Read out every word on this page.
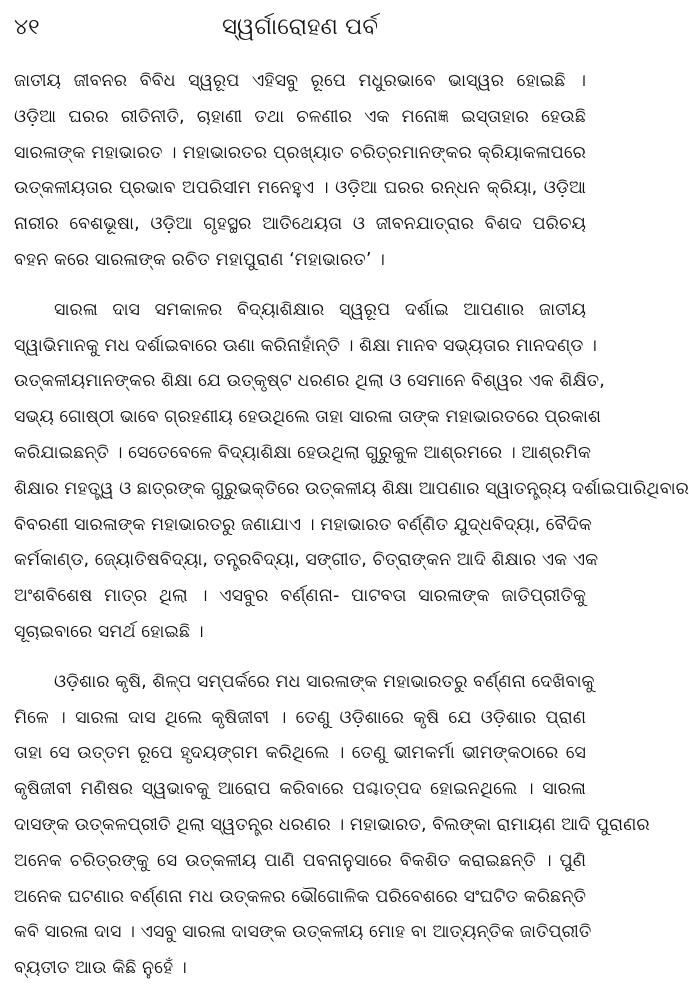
୪୧	ସ୍ୱର୍ଗାରୋହଣ ପର୍ବ
ଜାତୀୟ ଜୀବନର ବିବିଧ ସ୍ୱରୂପ ଏହିସବୁ ରୂପେ ମଧୁରଭାବେ ଭାସ୍ୱର ହୋଇଛି ।
ଓଡ଼ିଆ ଘରର ରୀତିନୀତି, ଚାହାଣୀ ତଥା ଚଳଣୀର ଏକ ମନୋଜ୍ଞ ଇସ୍ତାହାର ହେଉଛି
ସାରଳାଙ୍କ ମହାଭାରତ । ମହାଭାରତର ପ୍ରଖ୍ୟାତ ଚରିତ୍ରମାନଙ୍କର କ୍ରିୟାକଳାପରେ
ଉତ୍କଳୀୟତାର ପ୍ରଭାବ ଅପରିସୀମ ମନେହୁଏ । ଓଡ଼ିଆ ଘରର ରନ୍ଧନ କ୍ରିୟା, ଓଡ଼ିଆ
ନାରୀର ବେଶଭୂଷା, ଓଡ଼ିଆ ଗୃହସ୍ଥର ଆତିଥେୟତା ଓ ଜୀବନଯାତ୍ରାର ବିଶଦ ପରିଚୟ
ବହନ କରେ ସାରଳାଙ୍କ ରଚିତ ମହାପୁରାଣ ‘ମହାଭାରତ’ ।
ସାରଳା ଦାସ ସମକାଳର ବିଦ୍ୟାଶିକ୍ଷାର ସ୍ୱରୂପ ଦର୍ଶାଇ ଆପଣାର ଜାତୀୟ
ସ୍ୱାଭିମାନକୁ ମଧ ଦର୍ଶାଇବାରେ ଊଣା କରିନାହାଁନ୍ତି । ଶିକ୍ଷା ମାନବ ସଭ୍ୟତାର ମାନଦଣ୍ଡ ।
ଉତ୍କଳୀୟମାନଙ୍କର ଶିକ୍ଷା ଯେ ଉତ୍କୃଷ୍ଟ ଧରଣର ଥିଲା ଓ ସେମାନେ ବିଶ୍ୱର ଏକ ଶିକ୍ଷିତ,
ସଭ୍ୟ ଗୋଷ୍ଠୀ ଭାବେ ଗ୍ରହଣୀୟ ହେଉଥିଲେ ତାହା ସାରଳା ତାଙ୍କ ମହାଭାରତରେ ପ୍ରକାଶ
କରିଯାଇଛନ୍ତି । ସେତେବେଳେ ବିଦ୍ୟାଶିକ୍ଷା ହେଉଥିଲା ଗୁରୁକୁଳ ଆଶ୍ରମରେ । ଆଶ୍ରମିକ
ଶିକ୍ଷାର ମହତ୍ତ୍ୱ ଓ ଛାତ୍ରଙ୍କ ଗୁରୁଭକ୍ତିରେ ଉତ୍କଳୀୟ ଶିକ୍ଷା ଆପଣାର ସ୍ୱାତନ୍ତ୍ର୍ୟ ଦର୍ଶାଇପାରିଥିବାର
ବିବରଣୀ ସାରଳାଙ୍କ ମହାଭାରତରୁ ଜଣାଯାଏ । ମହାଭାରତ ବର୍ଣ୍ଣିତ ଯୁଦ୍ଧବିଦ୍ୟା, ବୈଦିକ
କର୍ମକାଣ୍ଡ, ଜ୍ୟୋତିଷବିଦ୍ୟା, ତନ୍ତ୍ରବିଦ୍ୟା, ସଙ୍ଗୀତ, ଚିତ୍ରାଙ୍କନ ଆଦି ଶିକ୍ଷାର ଏକ ଏକ
ଅଂଶବିଶେଷ ମାତ୍ର ଥିଲା । ଏସବୁର ବର୍ଣ୍ଣନା- ପାଟବତା ସାରଳାଙ୍କ ଜାତିପ୍ରୀତିକୁ
ସୂଚାଇବାରେ ସମର୍ଥ ହୋଇଛି ।
ଓଡ଼ିଶାର କୃଷି, ଶିଳ୍ପ ସମ୍ପର୍କରେ ମଧ ସାରଳାଙ୍କ ମହାଭାରତରୁ ବର୍ଣ୍ଣନା ଦେଖିବାକୁ
ମିଳେ । ସାରଳା ଦାସ ଥିଲେ କୃଷିଜୀବୀ । ତେଣୁ ଓଡ଼ିଶାରେ କୃଷି ଯେ ଓଡ଼ିଶାର ପ୍ରାଣ
ତାହା ସେ ଉତ୍ତମ ରୂପେ ହୃଦୟଙ୍ଗମ କରିଥିଲେ । ତେଣୁ ଭୀମକର୍ମା ଭୀମଙ୍କଠାରେ ସେ
କୃଷିଜୀବୀ ମଣିଷର ସ୍ୱଭାବକୁ ଆରୋପ କରିବାରେ ପଶ୍ଚାତ୍‌ପଦ ହୋଇନଥିଲେ । ସାରଳା
ଦାସଙ୍କ ଉତ୍କଳପ୍ରୀତି ଥିଲା ସ୍ୱତନ୍ତ୍ର ଧରଣର । ମହାଭାରତ, ବିଲଙ୍କା ରାମାୟଣ ଆଦି ପୁରାଣର
ଅନେକ ଚରିତ୍ରଙ୍କୁ ସେ ଉତ୍କଳୀୟ ପାଣି ପବନାନୁସାରେ ବିକଶିତ କରାଇଛନ୍ତି । ପୁଣି
ଅନେକ ଘଟଣାର ବର୍ଣ୍ଣନା ମଧ ଉତ୍କଳର ଭୌଗୋଳିକ ପରିବେଶରେ ସଂଘଟିତ କରିଛନ୍ତି
କବି ସାରଳା ଦାସ । ଏସବୁ ସାରଳା ଦାସଙ୍କ ଉତ୍କଳୀୟ ମୋହ ବା ଆତ୍ୟନ୍ତିକ ଜାତିପ୍ରୀତି
ବ୍ୟତୀତ ଆଉ କିଛି ନୁହେଁ ।
